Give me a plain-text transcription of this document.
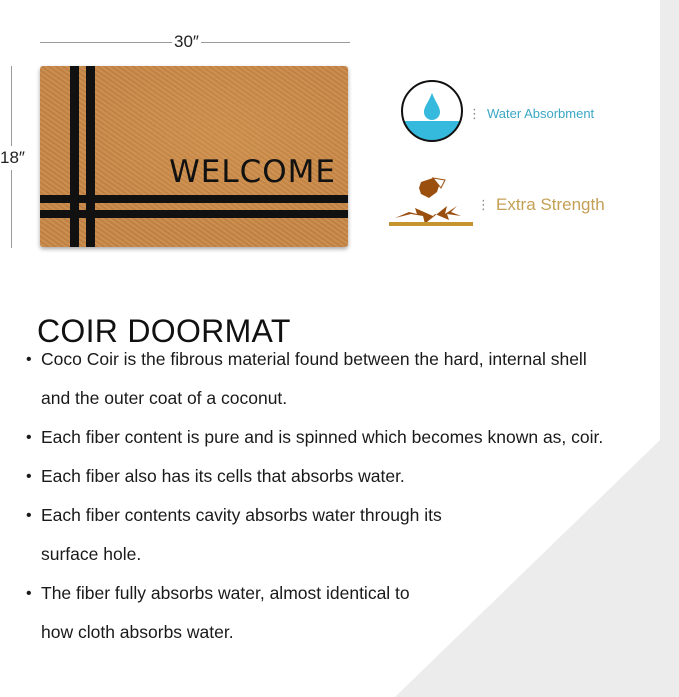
30″
18″	WELCOME
⋮ Water Absorbment
⋮ Extra Strength
COIR DOORMAT
• Coco Coir is the fibrous material found between the hard, internal shell
and the outer coat of a coconut.
• Each fiber content is pure and is spinned which becomes known as, coir.
• Each fiber also has its cells that absorbs water.
• Each fiber contents cavity absorbs water through its
surface hole.
• The fiber fully absorbs water, almost identical to
how cloth absorbs water.
